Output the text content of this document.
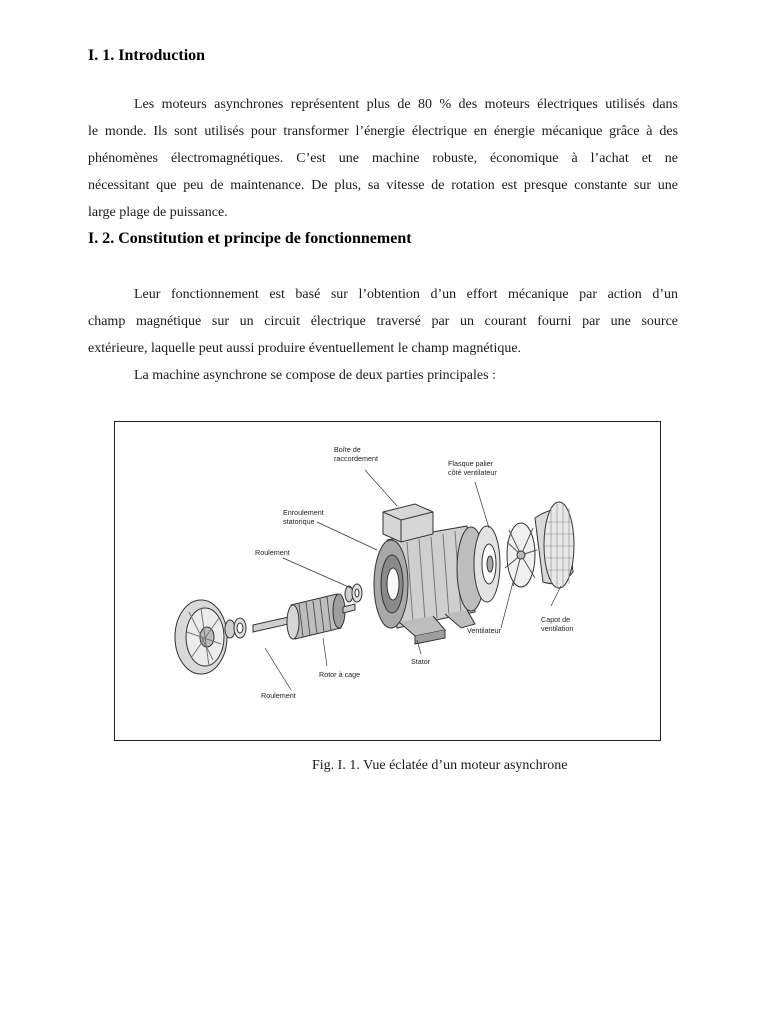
I. 1. Introduction

Les moteurs asynchrones représentent plus de 80 % des moteurs électriques utilisés dans
le monde. Ils sont utilisés pour transformer l’énergie électrique en énergie mécanique grâce à des
phénomènes électromagnétiques. C’est une machine robuste, économique à l’achat et ne
nécessitant que peu de maintenance. De plus, sa vitesse de rotation est presque constante sur une
large plage de puissance.

I. 2. Constitution et principe de fonctionnement

Leur fonctionnement est basé sur l’obtention d’un effort mécanique par action d’un
champ magnétique sur un circuit électrique traversé par un courant fourni par une source
extérieure, laquelle peut aussi produire éventuellement le champ magnétique.

La machine asynchrone se compose de deux parties principales :

Boîte de
raccordement
Flasque palier
côté ventilateur
Enroulement
statorique
Roulement
Ventilateur
Capot de
ventilation
Stator
Rotor à cage
Roulement

Fig. I. 1. Vue éclatée d’un moteur asynchrone
